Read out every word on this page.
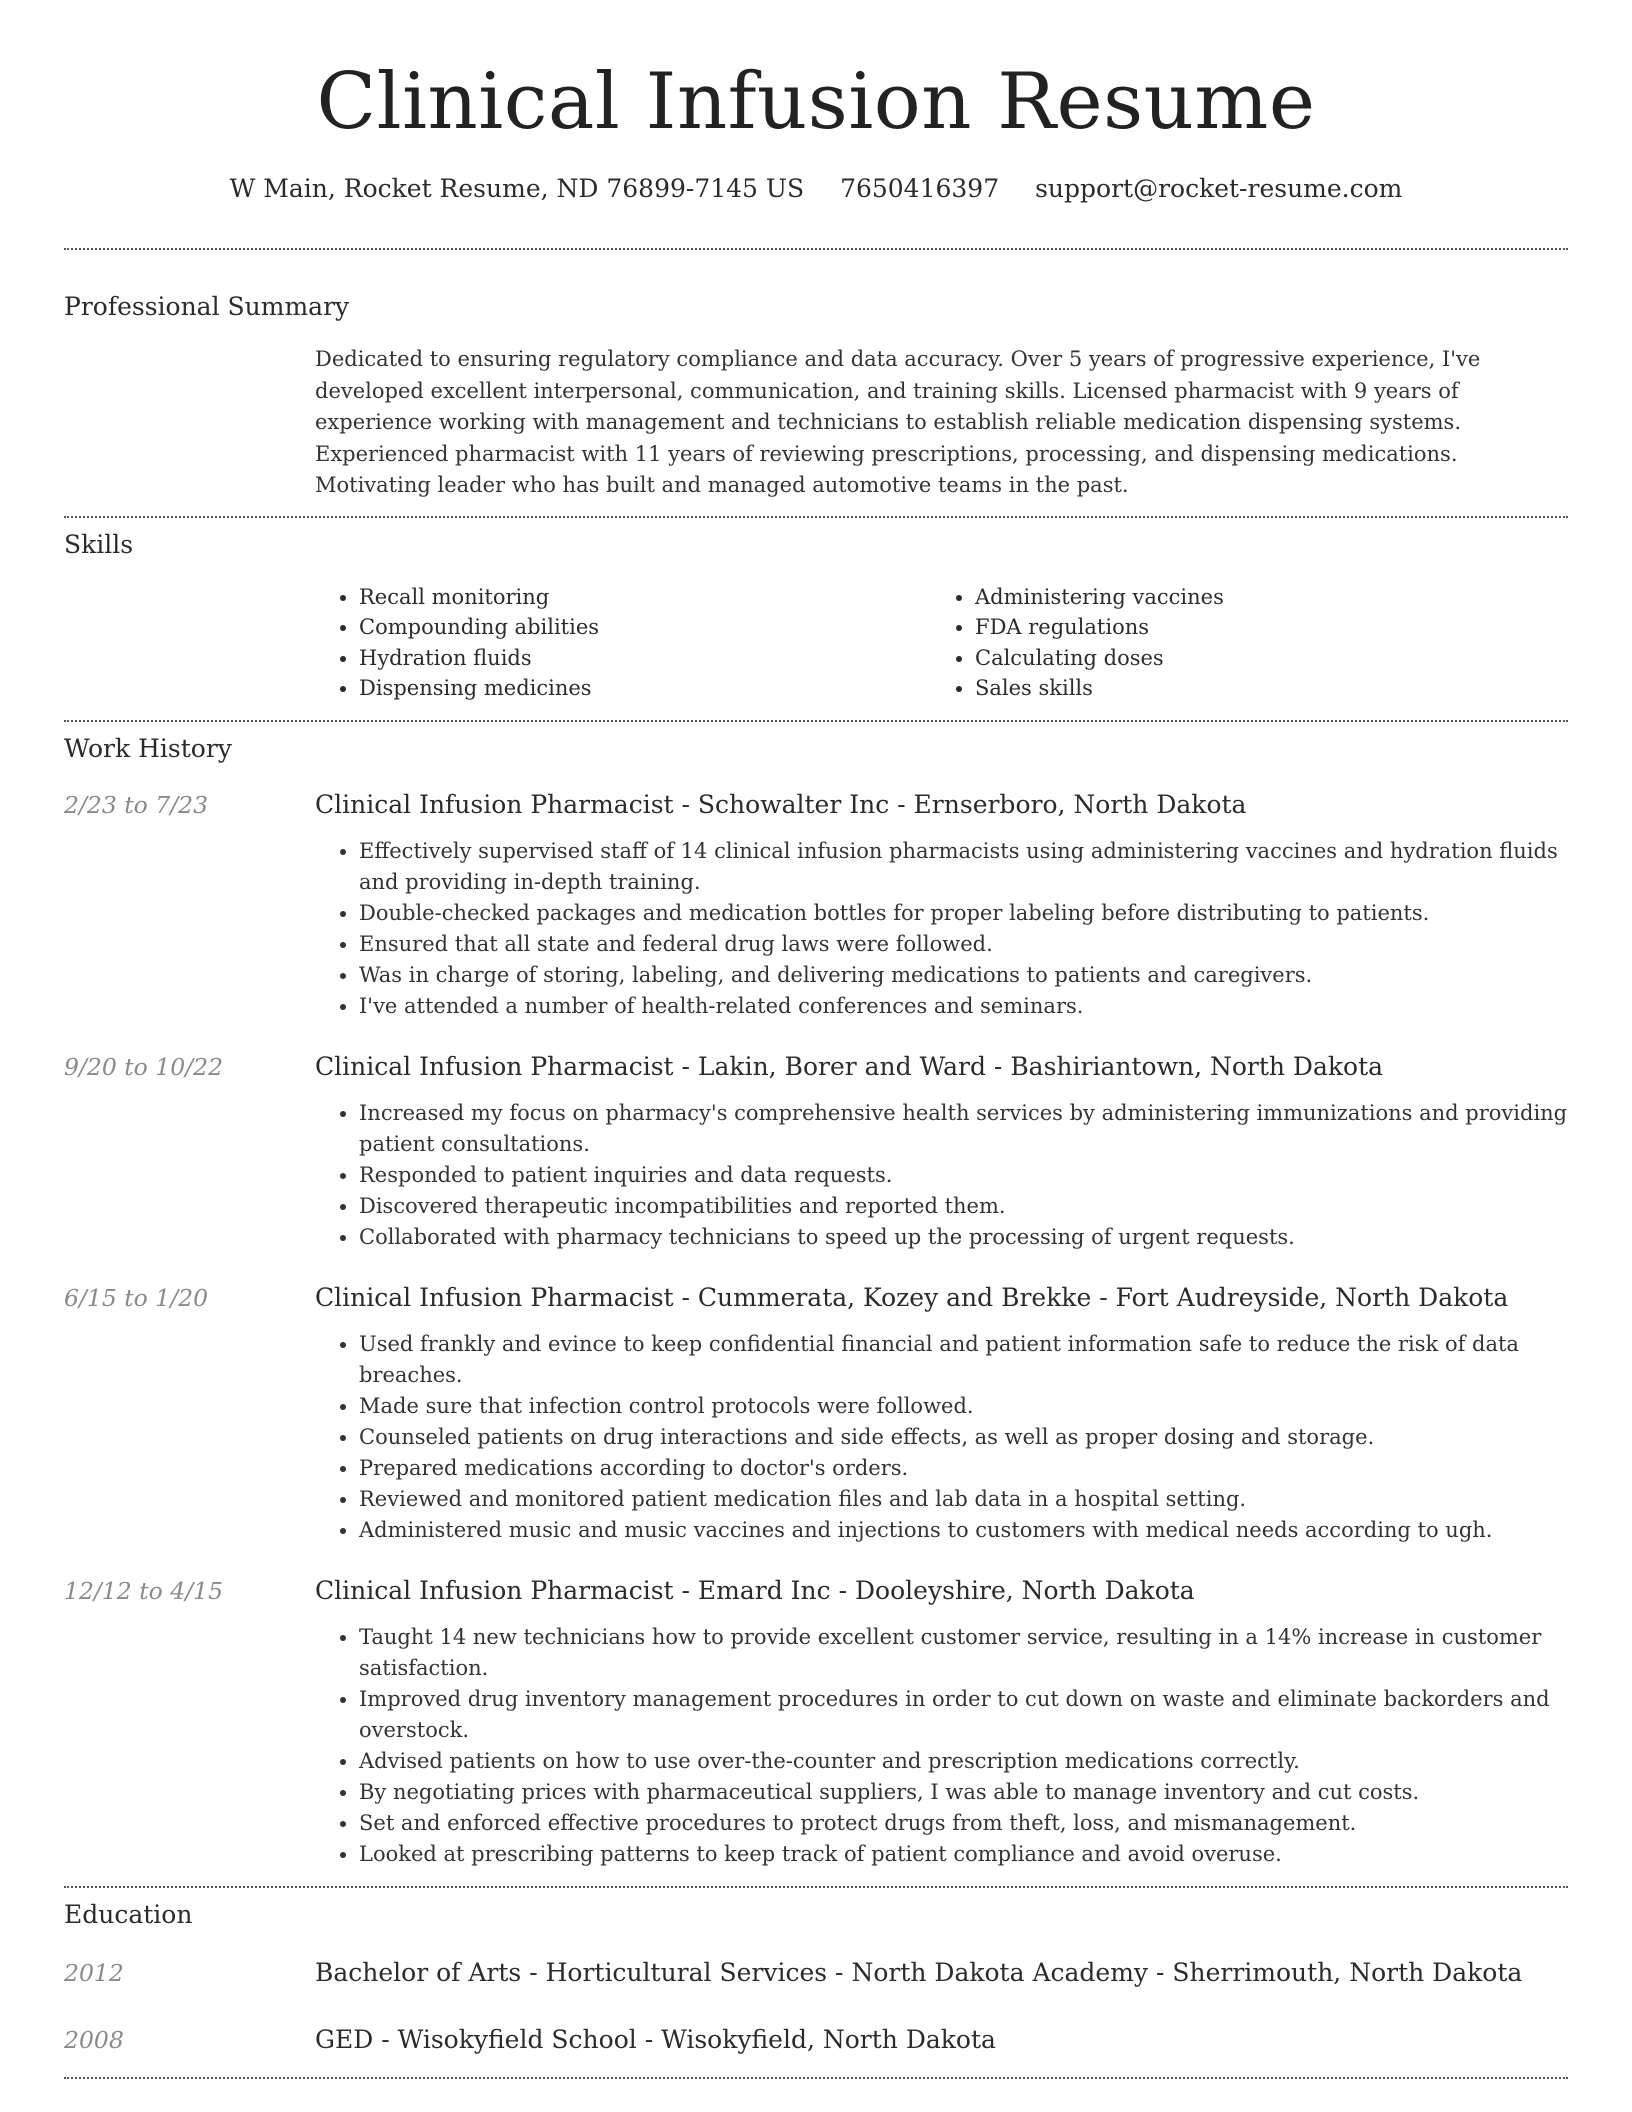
Clinical Infusion Resume
W Main, Rocket Resume, ND 76899-7145 US 7650416397 support@rocket-resume.com
Professional Summary
Dedicated to ensuring regulatory compliance and data accuracy. Over 5 years of progressive experience, I've developed excellent interpersonal, communication, and training skills. Licensed pharmacist with 9 years of experience working with management and technicians to establish reliable medication dispensing systems. Experienced pharmacist with 11 years of reviewing prescriptions, processing, and dispensing medications. Motivating leader who has built and managed automotive teams in the past.
Skills
• Recall monitoring
• Compounding abilities
• Hydration fluids
• Dispensing medicines
• Administering vaccines
• FDA regulations
• Calculating doses
• Sales skills
Work History
2/23 to 7/23	Clinical Infusion Pharmacist - Schowalter Inc - Ernserboro, North Dakota
• Effectively supervised staff of 14 clinical infusion pharmacists using administering vaccines and hydration fluids and providing in-depth training.
• Double-checked packages and medication bottles for proper labeling before distributing to patients.
• Ensured that all state and federal drug laws were followed.
• Was in charge of storing, labeling, and delivering medications to patients and caregivers.
• I've attended a number of health-related conferences and seminars.
9/20 to 10/22	Clinical Infusion Pharmacist - Lakin, Borer and Ward - Bashiriantown, North Dakota
• Increased my focus on pharmacy's comprehensive health services by administering immunizations and providing patient consultations.
• Responded to patient inquiries and data requests.
• Discovered therapeutic incompatibilities and reported them.
• Collaborated with pharmacy technicians to speed up the processing of urgent requests.
6/15 to 1/20	Clinical Infusion Pharmacist - Cummerata, Kozey and Brekke - Fort Audreyside, North Dakota
• Used frankly and evince to keep confidential financial and patient information safe to reduce the risk of data breaches.
• Made sure that infection control protocols were followed.
• Counseled patients on drug interactions and side effects, as well as proper dosing and storage.
• Prepared medications according to doctor's orders.
• Reviewed and monitored patient medication files and lab data in a hospital setting.
• Administered music and music vaccines and injections to customers with medical needs according to ugh.
12/12 to 4/15	Clinical Infusion Pharmacist - Emard Inc - Dooleyshire, North Dakota
• Taught 14 new technicians how to provide excellent customer service, resulting in a 14% increase in customer satisfaction.
• Improved drug inventory management procedures in order to cut down on waste and eliminate backorders and overstock.
• Advised patients on how to use over-the-counter and prescription medications correctly.
• By negotiating prices with pharmaceutical suppliers, I was able to manage inventory and cut costs.
• Set and enforced effective procedures to protect drugs from theft, loss, and mismanagement.
• Looked at prescribing patterns to keep track of patient compliance and avoid overuse.
Education
2012	Bachelor of Arts - Horticultural Services - North Dakota Academy - Sherrimouth, North Dakota
2008	GED - Wisokyfield School - Wisokyfield, North Dakota
